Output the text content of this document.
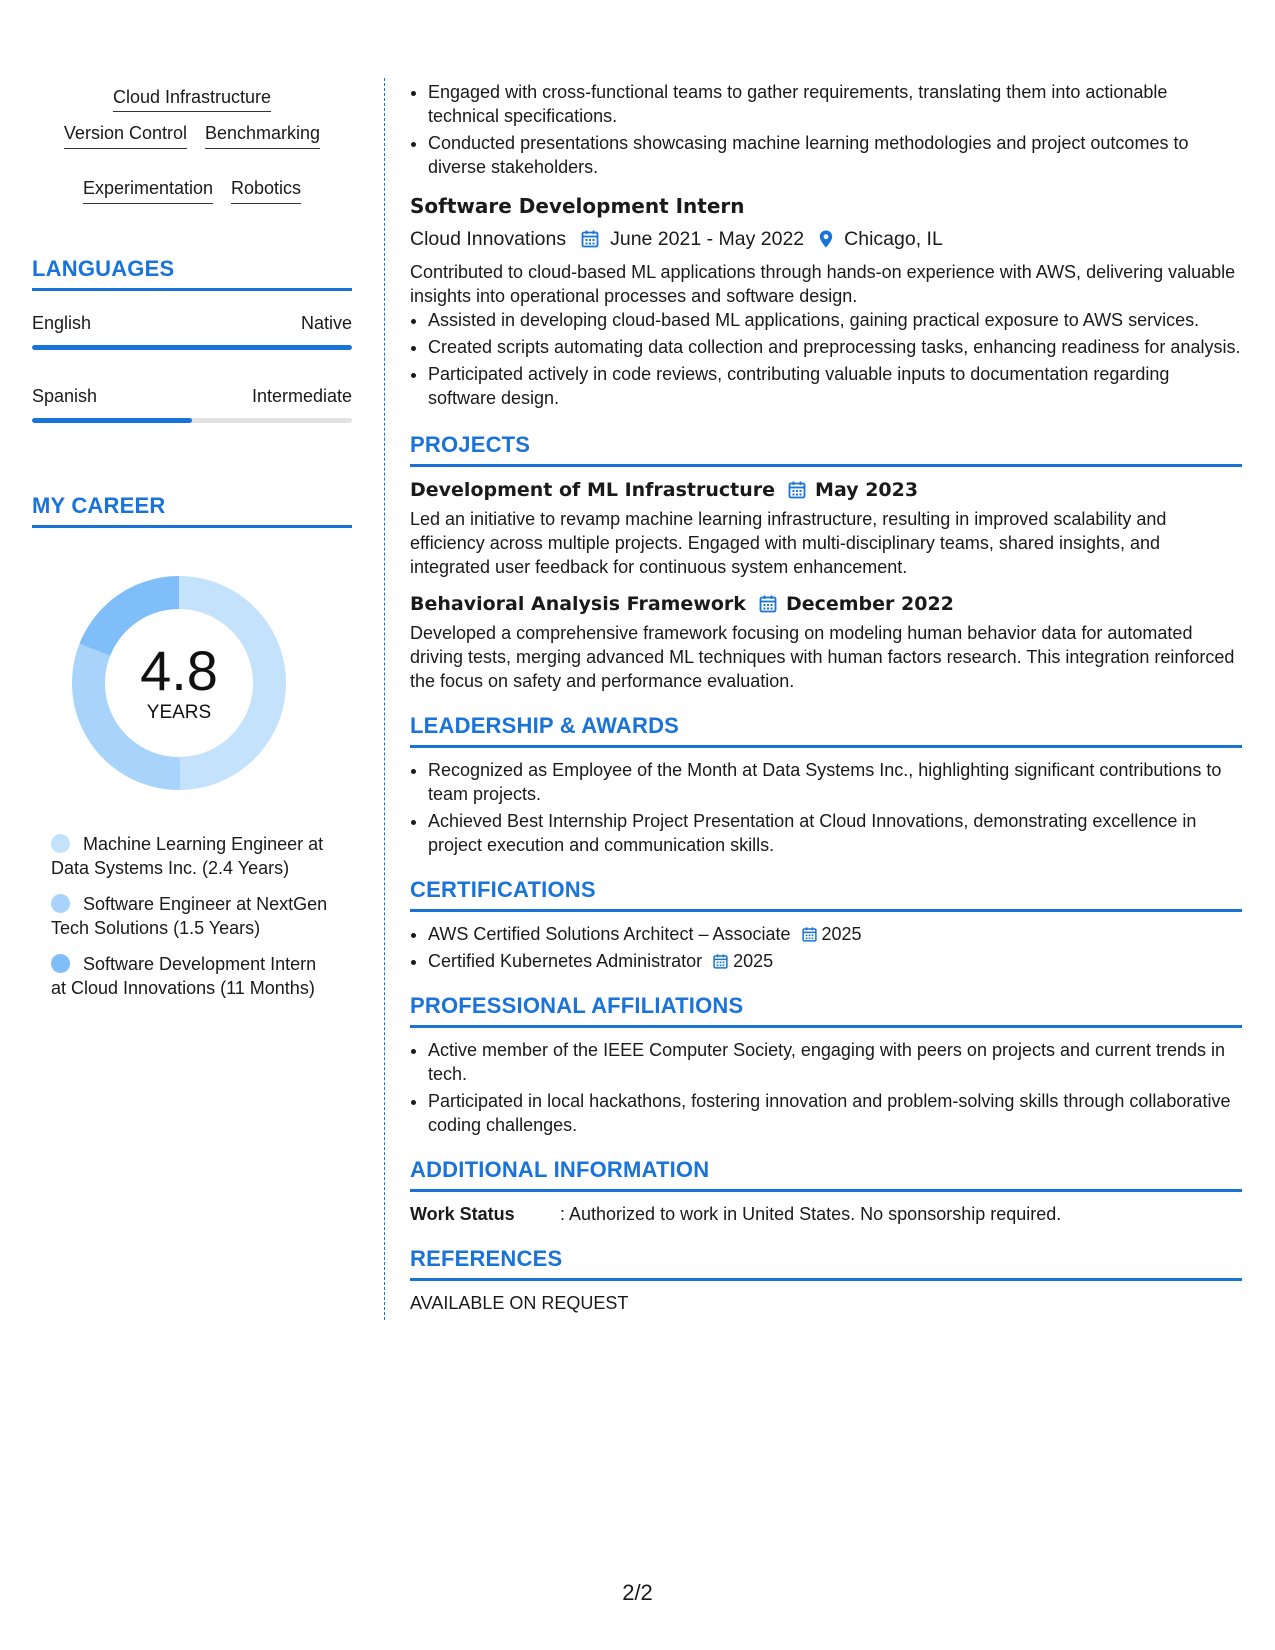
Cloud Infrastructure
Version Control Benchmarking
Experimentation Robotics
LANGUAGES
English	Native
Spanish	Intermediate
MY CAREER
4.8
YEARS
Machine Learning Engineer at Data Systems Inc. (2.4 Years)
Software Engineer at NextGen Tech Solutions (1.5 Years)
Software Development Intern at Cloud Innovations (11 Months)
• Engaged with cross-functional teams to gather requirements, translating them into actionable technical specifications.
• Conducted presentations showcasing machine learning methodologies and project outcomes to diverse stakeholders.
Software Development Intern
Cloud Innovations June 2021 - May 2022 Chicago, IL
Contributed to cloud-based ML applications through hands-on experience with AWS, delivering valuable insights into operational processes and software design.
• Assisted in developing cloud-based ML applications, gaining practical exposure to AWS services.
• Created scripts automating data collection and preprocessing tasks, enhancing readiness for analysis.
• Participated actively in code reviews, contributing valuable inputs to documentation regarding software design.
PROJECTS
Development of ML Infrastructure May 2023
Led an initiative to revamp machine learning infrastructure, resulting in improved scalability and efficiency across multiple projects. Engaged with multi-disciplinary teams, shared insights, and integrated user feedback for continuous system enhancement.
Behavioral Analysis Framework December 2022
Developed a comprehensive framework focusing on modeling human behavior data for automated driving tests, merging advanced ML techniques with human factors research. This integration reinforced the focus on safety and performance evaluation.
LEADERSHIP & AWARDS
• Recognized as Employee of the Month at Data Systems Inc., highlighting significant contributions to team projects.
• Achieved Best Internship Project Presentation at Cloud Innovations, demonstrating excellence in project execution and communication skills.
CERTIFICATIONS
• AWS Certified Solutions Architect – Associate 2025
• Certified Kubernetes Administrator 2025
PROFESSIONAL AFFILIATIONS
• Active member of the IEEE Computer Society, engaging with peers on projects and current trends in tech.
• Participated in local hackathons, fostering innovation and problem-solving skills through collaborative coding challenges.
ADDITIONAL INFORMATION
Work Status	: Authorized to work in United States. No sponsorship required.
REFERENCES
AVAILABLE ON REQUEST
2/2
